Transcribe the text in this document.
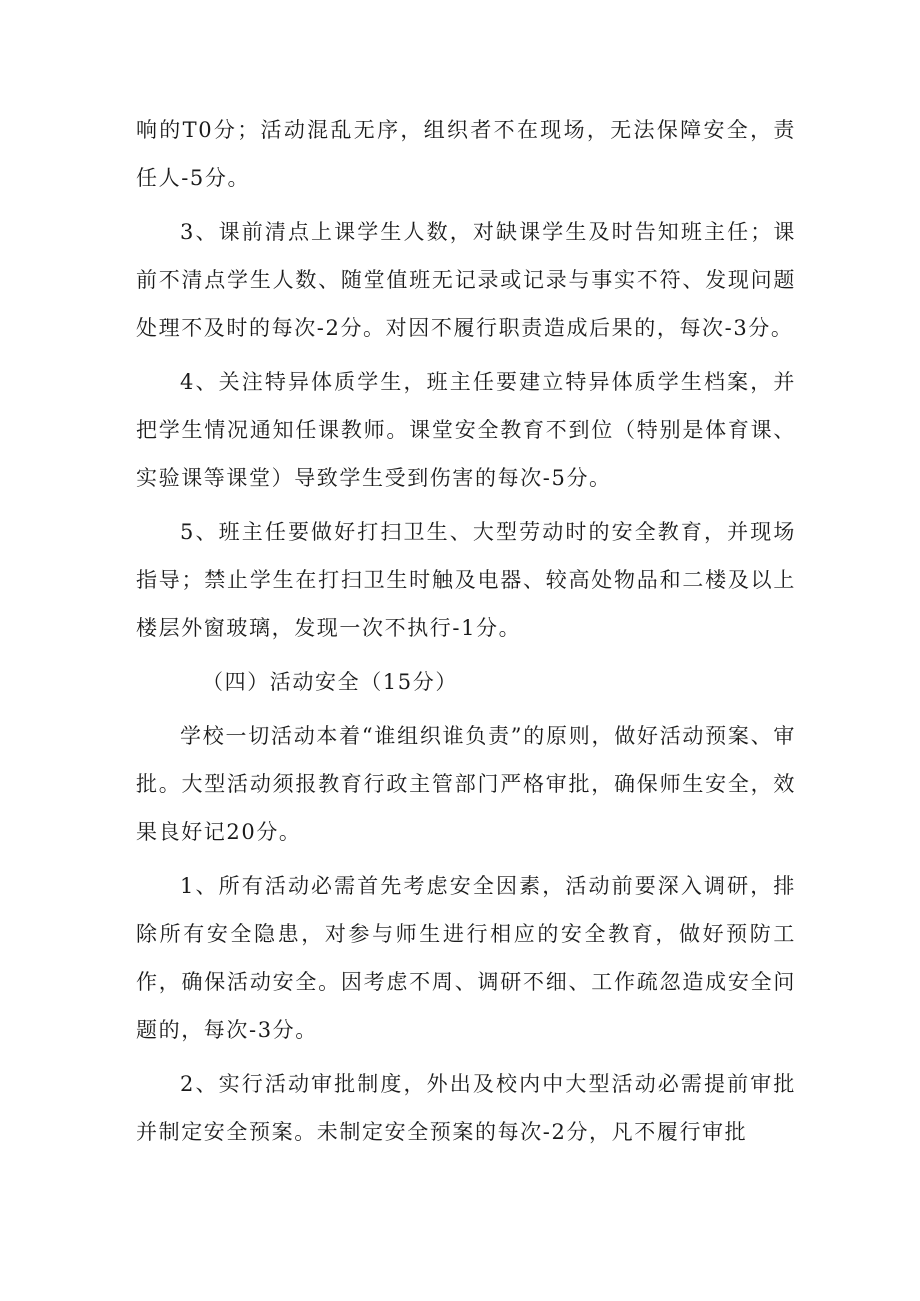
响的T0分；活动混乱无序，组织者不在现场，无法保障安全，责任人-5分。

3、课前清点上课学生人数，对缺课学生及时告知班主任；课前不清点学生人数、随堂值班无记录或记录与事实不符、发现问题处理不及时的每次-2分。对因不履行职责造成后果的，每次-3分。

4、关注特异体质学生，班主任要建立特异体质学生档案，并把学生情况通知任课教师。课堂安全教育不到位（特别是体育课、实验课等课堂）导致学生受到伤害的每次-5分。

5、班主任要做好打扫卫生、大型劳动时的安全教育，并现场指导；禁止学生在打扫卫生时触及电器、较高处物品和二楼及以上楼层外窗玻璃，发现一次不执行-1分。

（四）活动安全（15分）

学校一切活动本着“谁组织谁负责”的原则，做好活动预案、审批。大型活动须报教育行政主管部门严格审批，确保师生安全，效果良好记20分。

1、所有活动必需首先考虑安全因素，活动前要深入调研，排除所有安全隐患，对参与师生进行相应的安全教育，做好预防工作，确保活动安全。因考虑不周、调研不细、工作疏忽造成安全问题的，每次-3分。

2、实行活动审批制度，外出及校内中大型活动必需提前审批并制定安全预案。未制定安全预案的每次-2分，凡不履行审批
